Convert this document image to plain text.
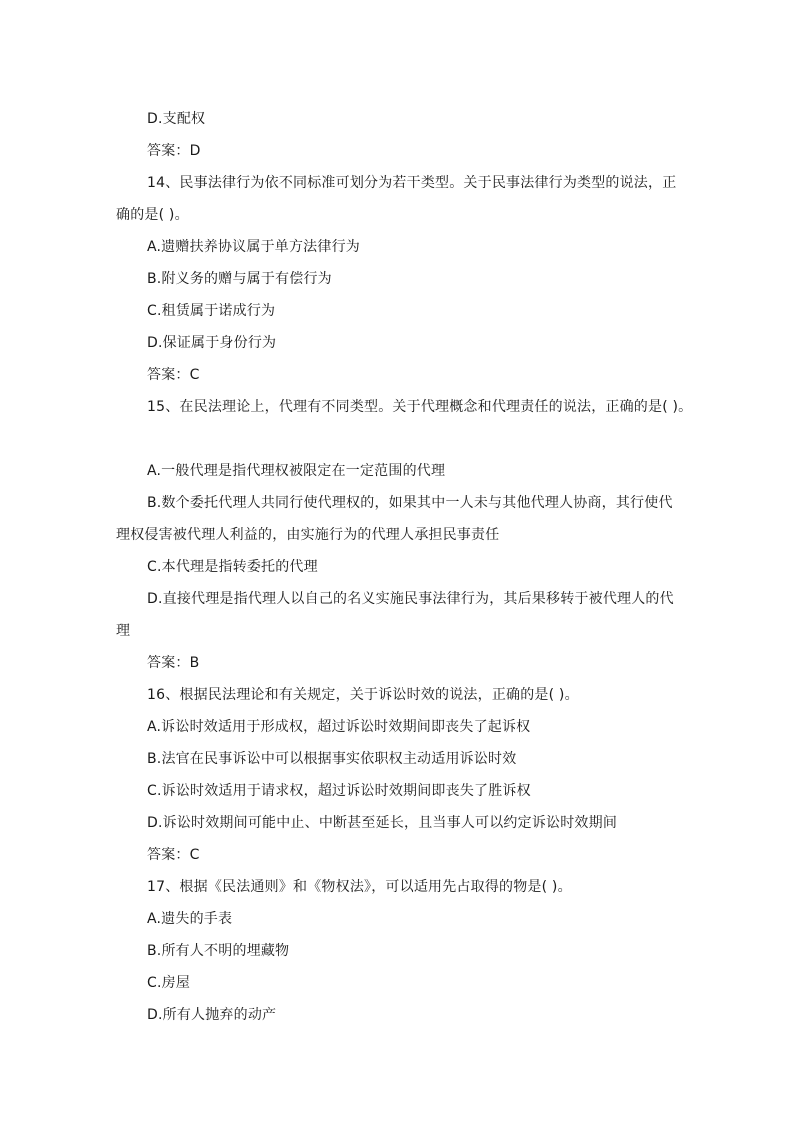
D.支配权
答案：D
14、民事法律行为依不同标准可划分为若干类型。关于民事法律行为类型的说法，正
确的是( )。
A.遗赠扶养协议属于单方法律行为
B.附义务的赠与属于有偿行为
C.租赁属于诺成行为
D.保证属于身份行为
答案：C
15、在民法理论上，代理有不同类型。关于代理概念和代理责任的说法，正确的是( )。
A.一般代理是指代理权被限定在一定范围的代理
B.数个委托代理人共同行使代理权的，如果其中一人未与其他代理人协商，其行使代
理权侵害被代理人利益的，由实施行为的代理人承担民事责任
C.本代理是指转委托的代理
D.直接代理是指代理人以自己的名义实施民事法律行为，其后果移转于被代理人的代
理
答案：B
16、根据民法理论和有关规定，关于诉讼时效的说法，正确的是( )。
A.诉讼时效适用于形成权，超过诉讼时效期间即丧失了起诉权
B.法官在民事诉讼中可以根据事实依职权主动适用诉讼时效
C.诉讼时效适用于请求权，超过诉讼时效期间即丧失了胜诉权
D.诉讼时效期间可能中止、中断甚至延长，且当事人可以约定诉讼时效期间
答案：C
17、根据《民法通则》和《物权法》，可以适用先占取得的物是( )。
A.遗失的手表
B.所有人不明的埋藏物
C.房屋
D.所有人抛弃的动产
